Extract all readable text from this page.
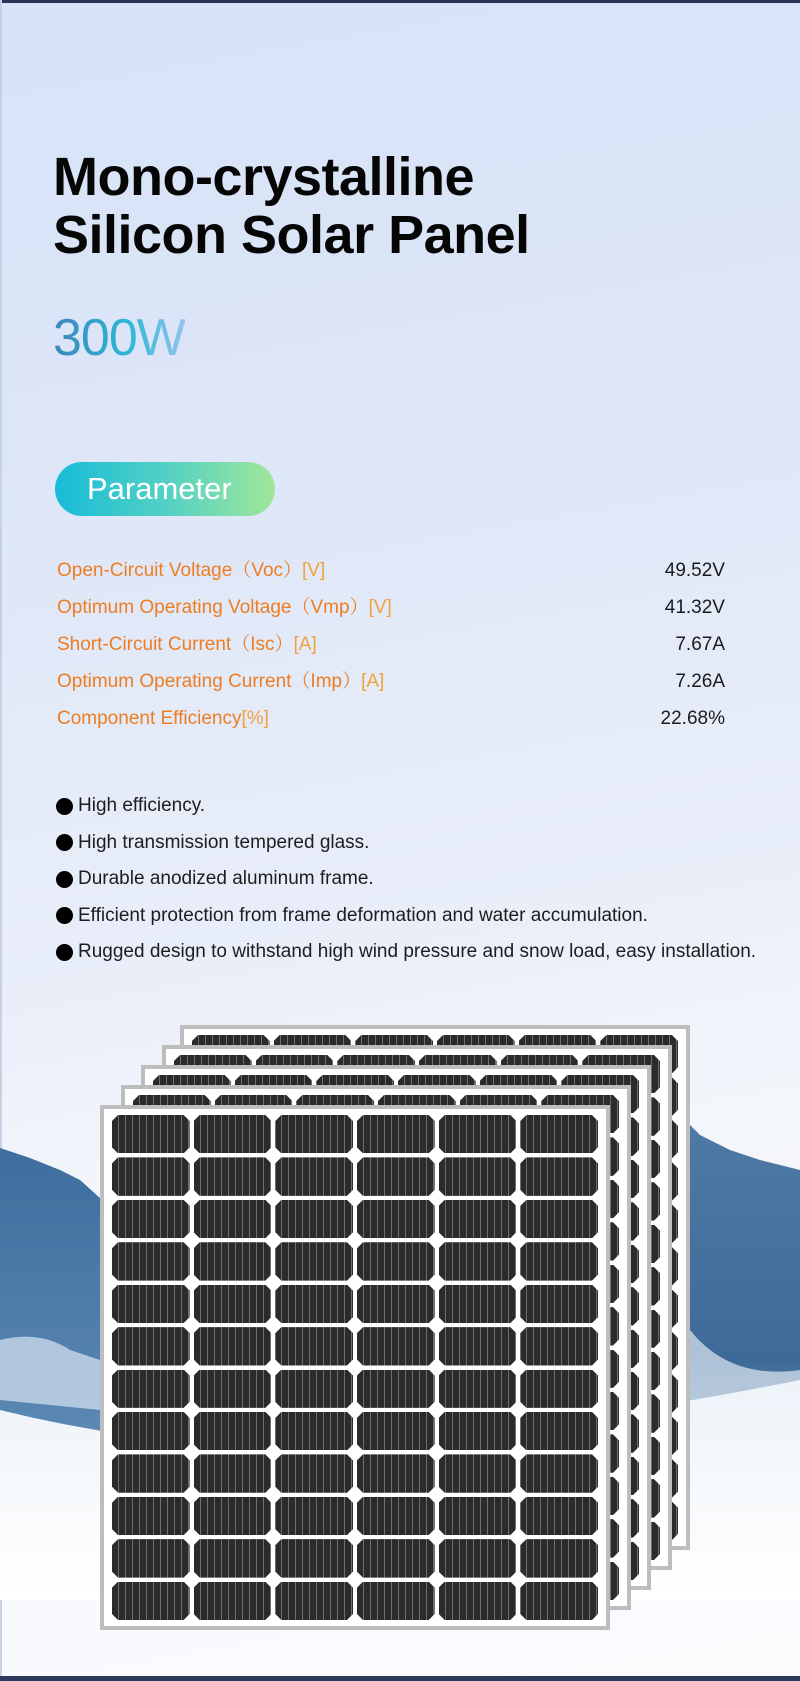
Mono-crystalline
Silicon Solar Panel
300W
Parameter
Open-Circuit Voltage（Voc）[V]	49.52V
Optimum Operating Voltage（Vmp）[V]	41.32V
Short-Circuit Current（Isc）[A]	7.67A
Optimum Operating Current（Imp）[A]	7.26A
Component Efficiency[%]	22.68%
High efficiency.
High transmission tempered glass.
Durable anodized aluminum frame.
Efficient protection from frame deformation and water accumulation.
Rugged design to withstand high wind pressure and snow load, easy installation.
